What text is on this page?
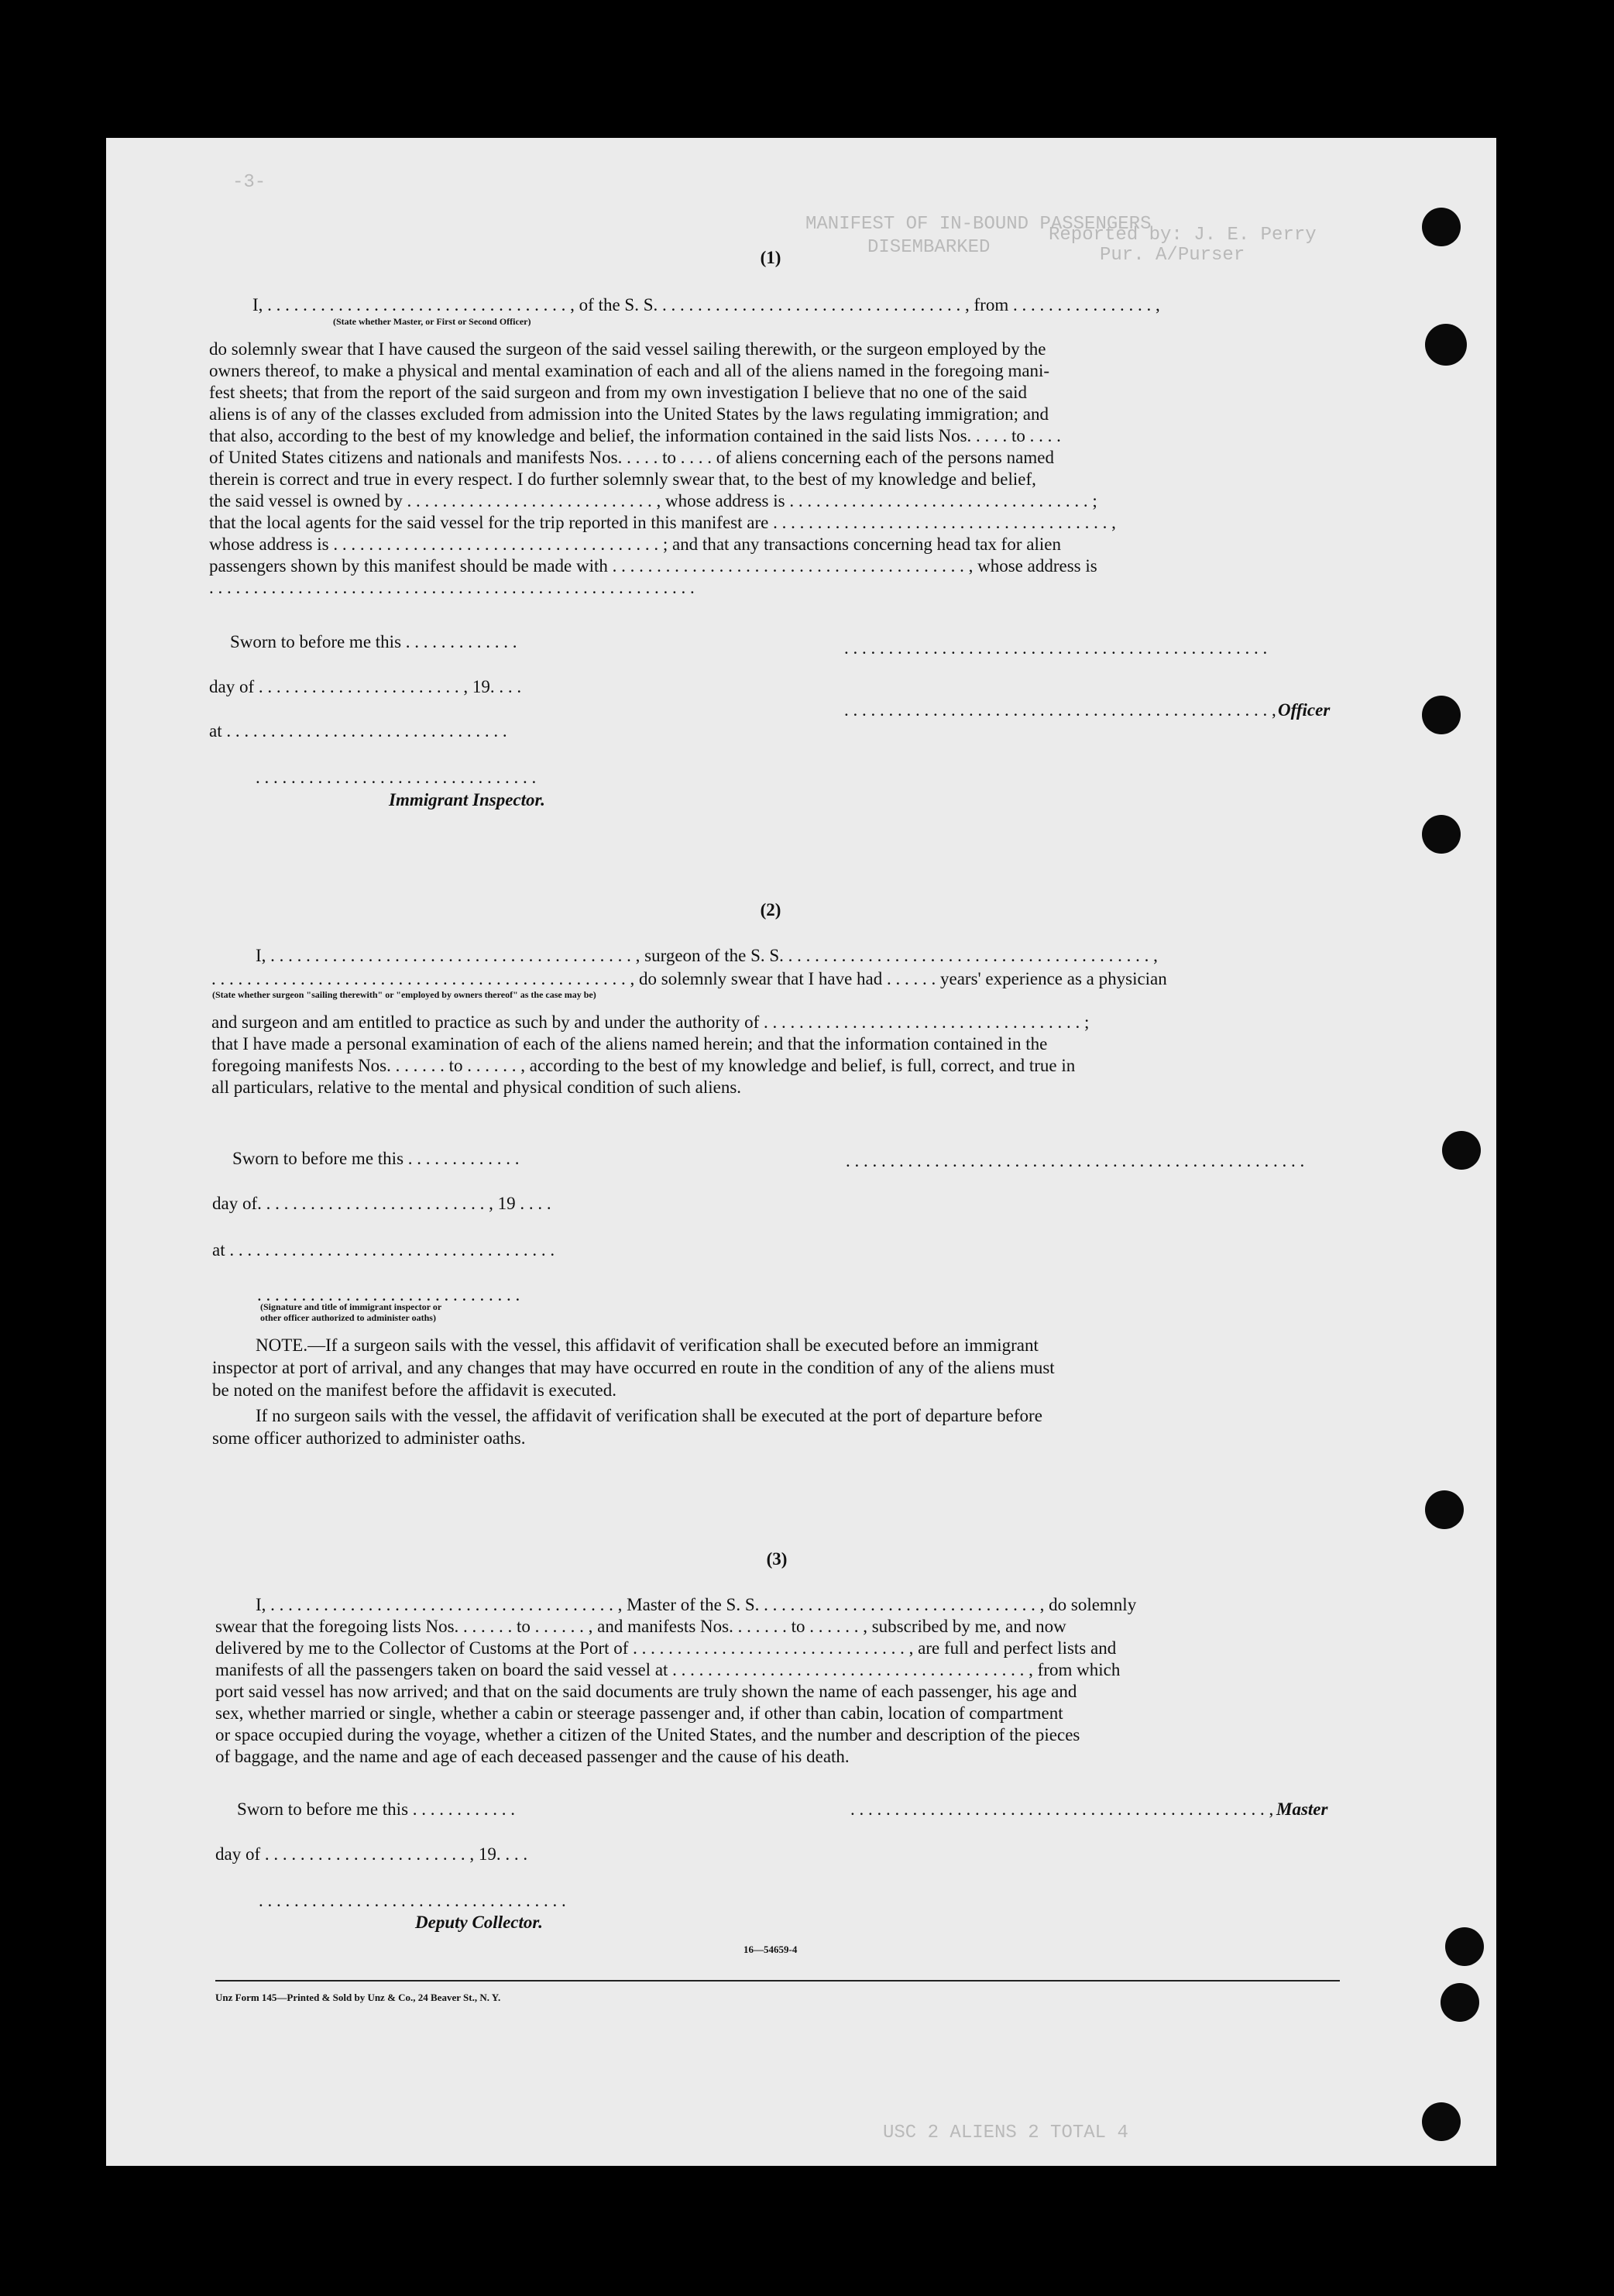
-3-
MANIFEST OF IN-BOUND PASSENGERS
DISEMBARKED
Reported by: J. E. Perry
Pur. A/Purser
(1)
I, . . . . . . . . . . . . . . . . . . . . . . . . . . . . . . . . . . , of the S. S. . . . . . . . . . . . . . . . . . . . . . . . . . . . . . . . . . . , from . . . . . . . . . . . . . . . . ,
(State whether Master, or First or Second Officer)
do solemnly swear that I have caused the surgeon of the said vessel sailing therewith, or the surgeon employed by the
owners thereof, to make a physical and mental examination of each and all of the aliens named in the foregoing mani-
fest sheets; that from the report of the said surgeon and from my own investigation I believe that no one of the said
aliens is of any of the classes excluded from admission into the United States by the laws regulating immigration; and
that also, according to the best of my knowledge and belief, the information contained in the said lists Nos. . . . . to . . . .
of United States citizens and nationals and manifests Nos. . . . . to . . . . of aliens concerning each of the persons named
therein is correct and true in every respect. I do further solemnly swear that, to the best of my knowledge and belief,
the said vessel is owned by . . . . . . . . . . . . . . . . . . . . . . . . . . . . , whose address is . . . . . . . . . . . . . . . . . . . . . . . . . . . . . . . . . . ;
that the local agents for the said vessel for the trip reported in this manifest are . . . . . . . . . . . . . . . . . . . . . . . . . . . . . . . . . . . . . . ,
whose address is . . . . . . . . . . . . . . . . . . . . . . . . . . . . . . . . . . . . . ; and that any transactions concerning head tax for alien
passengers shown by this manifest should be made with . . . . . . . . . . . . . . . . . . . . . . . . . . . . . . . . . . . . . . . . , whose address is
. . . . . . . . . . . . . . . . . . . . . . . . . . . . . . . . . . . . . . . . . . . . . . . . . . . . . . .
Sworn to before me this . . . . . . . . . . . . .
day of . . . . . . . . . . . . . . . . . . . . . . . , 19. . . .
at . . . . . . . . . . . . . . . . . . . . . . . . . . . . . . . .
. . . . . . . . . . . . . . . . . . . . . . . . . . . . . . . .
Immigrant Inspector.
. . . . . . . . . . . . . . . . . . . . . . . . . . . . . . . . . . . . . . . . . . . . . . . .
. . . . . . . . . . . . . . . . . . . . . . . . . . . . . . . . . . . . . . . . . . . . . . . . , Officer
(2)
I, . . . . . . . . . . . . . . . . . . . . . . . . . . . . . . . . . . . . . . . . . , surgeon of the S. S. . . . . . . . . . . . . . . . . . . . . . . . . . . . . . . . . . . . . . . . . . ,
. . . . . . . . . . . . . . . . . . . . . . . . . . . . . . . . . . . . . . . . . . . . . . . , do solemnly swear that I have had . . . . . . years' experience as a physician
(State whether surgeon "sailing therewith" or "employed by owners thereof" as the case may be)
and surgeon and am entitled to practice as such by and under the authority of . . . . . . . . . . . . . . . . . . . . . . . . . . . . . . . . . . . . ;
that I have made a personal examination of each of the aliens named herein; and that the information contained in the
foregoing manifests Nos. . . . . . . to . . . . . . , according to the best of my knowledge and belief, is full, correct, and true in
all particulars, relative to the mental and physical condition of such aliens.
Sworn to before me this . . . . . . . . . . . . .	. . . . . . . . . . . . . . . . . . . . . . . . . . . . . . . . . . . . . . . . . . . . . . . . . . . .
day of. . . . . . . . . . . . . . . . . . . . . . . . . . , 19 . . . .
at . . . . . . . . . . . . . . . . . . . . . . . . . . . . . . . . . . . . .
. . . . . . . . . . . . . . . . . . . . . . . . . . . . . .
(Signature and title of immigrant inspector or
other officer authorized to administer oaths)
NOTE.—If a surgeon sails with the vessel, this affidavit of verification shall be executed before an immigrant
inspector at port of arrival, and any changes that may have occurred en route in the condition of any of the aliens must
be noted on the manifest before the affidavit is executed.
If no surgeon sails with the vessel, the affidavit of verification shall be executed at the port of departure before
some officer authorized to administer oaths.
(3)
I, . . . . . . . . . . . . . . . . . . . . . . . . . . . . . . . . . . . . . . . , Master of the S. S. . . . . . . . . . . . . . . . . . . . . . . . . . . . . . . . , do solemnly
swear that the foregoing lists Nos. . . . . . . to . . . . . . , and manifests Nos. . . . . . . to . . . . . . , subscribed by me, and now
delivered by me to the Collector of Customs at the Port of . . . . . . . . . . . . . . . . . . . . . . . . . . . . . . . , are full and perfect lists and
manifests of all the passengers taken on board the said vessel at . . . . . . . . . . . . . . . . . . . . . . . . . . . . . . . . . . . . . . . . , from which
port said vessel has now arrived; and that on the said documents are truly shown the name of each passenger, his age and
sex, whether married or single, whether a cabin or steerage passenger and, if other than cabin, location of compartment
or space occupied during the voyage, whether a citizen of the United States, and the number and description of the pieces
of baggage, and the name and age of each deceased passenger and the cause of his death.
Sworn to before me this . . . . . . . . . . . .	. . . . . . . . . . . . . . . . . . . . . . . . . . . . . . . . . . . . . . . . . . . . . . . , Master
day of . . . . . . . . . . . . . . . . . . . . . . . , 19. . . .
. . . . . . . . . . . . . . . . . . . . . . . . . . . . . . . . . . .
Deputy Collector.
16—54659-4
Unz Form 145—Printed & Sold by Unz & Co., 24 Beaver St., N. Y.
USC 2 ALIENS 2 TOTAL 4
